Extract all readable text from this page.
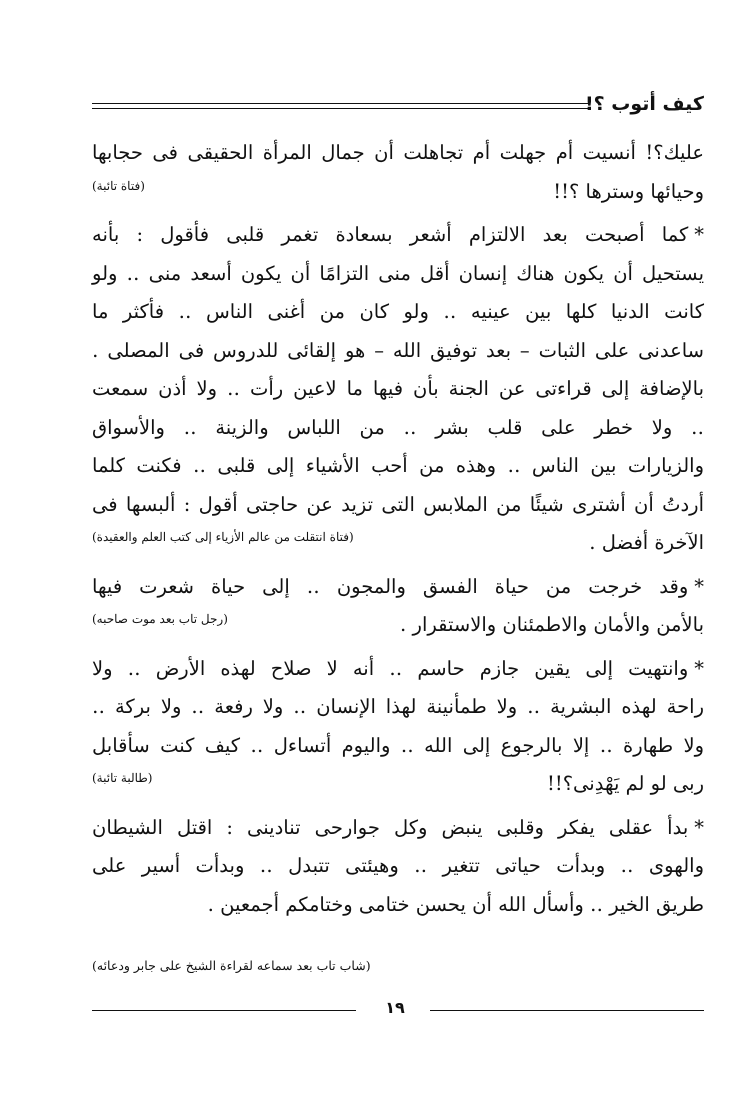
كيف أتوب ؟!
عليك؟! أنسيت أم جهلت أم تجاهلت أن جمال المرأة الحقيقى فى حجابها
وحيائها وسترها ؟!!
(فتاة تائبة)
*كما أصبحت بعد الالتزام أشعر بسعادة تغمر قلبى فأقول : بأنه
يستحيل أن يكون هناك إنسان أقل منى التزامًا أن يكون أسعد منى ‥ ولو
كانت الدنيا كلها بين عينيه ‥ ولو كان من أغنى الناس ‥ فأكثر ما
ساعدنى على الثبات – بعد توفيق الله – هو إلقائى للدروس فى المصلى ․
بالإضافة إلى قراءتى عن الجنة بأن فيها ما لاعين رأت ‥ ولا أذن سمعت
‥ ولا خطر على قلب بشر ‥ من اللباس والزينة ‥ والأسواق
والزيارات بين الناس ‥ وهذه من أحب الأشياء إلى قلبى ‥ فكنت كلما
أردتُ أن أشترى شيئًا من الملابس التى تزيد عن حاجتى أقول : ألبسها فى
الآخرة أفضل ․
(فتاة انتقلت من عالم الأزياء إلى كتب العلم والعقيدة)
*وقد خرجت من حياة الفسق والمجون ‥ إلى حياة شعرت فيها
بالأمن والأمان والاطمئنان والاستقرار ․
(رجل تاب بعد موت صاحبه)
*وانتهيت إلى يقين جازم حاسم ‥ أنه لا صلاح لهذه الأرض ‥ ولا
راحة لهذه البشرية ‥ ولا طمأنينة لهذا الإنسان ‥ ولا رفعة ‥ ولا بركة ‥
ولا طهارة ‥ إلا بالرجوع إلى الله ‥ واليوم أتساءل ‥ كيف كنت سأقابل
ربى لو لم يَهْدِنى؟!!
(طالبة تائبة)
*بدأ عقلى يفكر وقلبى ينبض وكل جوارحى تنادينى : اقتل الشيطان
والهوى ‥ وبدأت حياتى تتغير ‥ وهيئتى تتبدل ‥ وبدأت أسير على
طريق الخير ‥ وأسأل الله أن يحسن ختامى وختامكم أجمعين ․
(شاب تاب بعد سماعه لقراءة الشيخ على جابر ودعائه)
١٩
